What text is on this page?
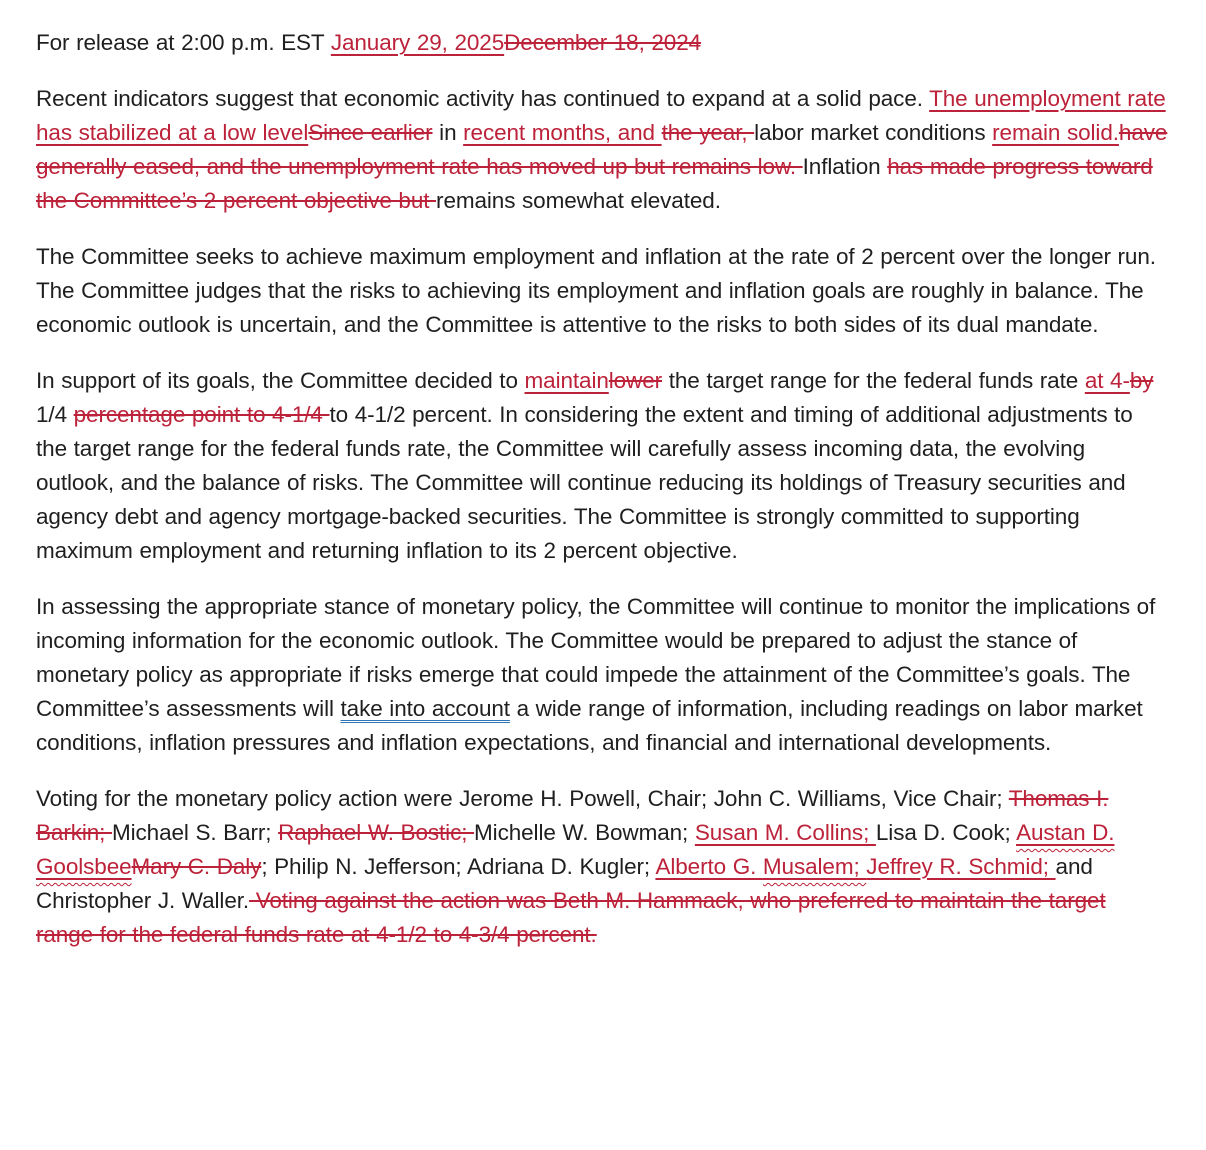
For release at 2:00 p.m. EST January 29, 2025December 18, 2024

Recent indicators suggest that economic activity has continued to expand at a solid pace. The unemployment rate has stabilized at a low levelSince earlier in recent months, and the year, labor market conditions remain solid.have generally eased, and the unemployment rate has moved up but remains low. Inflation has made progress toward the Committee’s 2 percent objective but remains somewhat elevated.

The Committee seeks to achieve maximum employment and inflation at the rate of 2 percent over the longer run. The Committee judges that the risks to achieving its employment and inflation goals are roughly in balance. The economic outlook is uncertain, and the Committee is attentive to the risks to both sides of its dual mandate.

In support of its goals, the Committee decided to maintainlower the target range for the federal funds rate at 4-by 1/4 percentage point to 4-1/4 to 4-1/2 percent. In considering the extent and timing of additional adjustments to the target range for the federal funds rate, the Committee will carefully assess incoming data, the evolving outlook, and the balance of risks. The Committee will continue reducing its holdings of Treasury securities and agency debt and agency mortgage-backed securities. The Committee is strongly committed to supporting maximum employment and returning inflation to its 2 percent objective.

In assessing the appropriate stance of monetary policy, the Committee will continue to monitor the implications of incoming information for the economic outlook. The Committee would be prepared to adjust the stance of monetary policy as appropriate if risks emerge that could impede the attainment of the Committee’s goals. The Committee’s assessments will take into account a wide range of information, including readings on labor market conditions, inflation pressures and inflation expectations, and financial and international developments.

Voting for the monetary policy action were Jerome H. Powell, Chair; John C. Williams, Vice Chair; Thomas I. Barkin; Michael S. Barr; Raphael W. Bostic; Michelle W. Bowman; Susan M. Collins; Lisa D. Cook; Austan D. GoolsbeeMary C. Daly; Philip N. Jefferson; Adriana D. Kugler; Alberto G. Musalem; Jeffrey R. Schmid; and Christopher J. Waller. Voting against the action was Beth M. Hammack, who preferred to maintain the target range for the federal funds rate at 4-1/2 to 4-3/4 percent.
